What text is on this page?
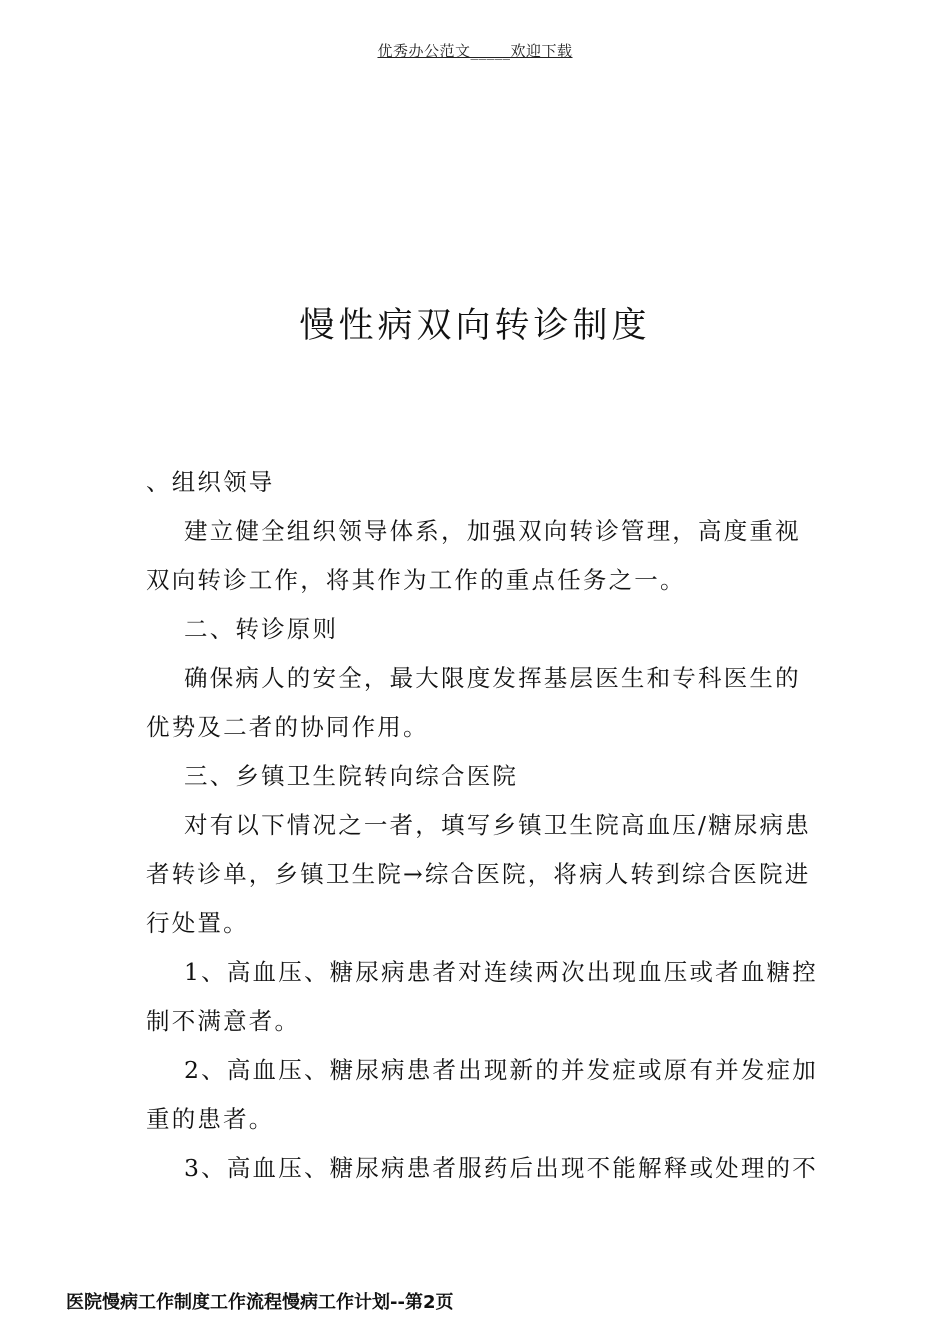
优秀办公范文_____欢迎下载
慢性病双向转诊制度

、组织领导

建立健全组织领导体系，加强双向转诊管理，高度重视双向转诊工作，将其作为工作的重点任务之一。

二、转诊原则

确保病人的安全，最大限度发挥基层医生和专科医生的优势及二者的协同作用。

三、乡镇卫生院转向综合医院

对有以下情况之一者，填写乡镇卫生院高血压/糖尿病患者转诊单，乡镇卫生院→综合医院，将病人转到综合医院进行处置。

1、高血压、糖尿病患者对连续两次出现血压或者血糖控制不满意者。

2、高血压、糖尿病患者出现新的并发症或原有并发症加重的患者。

3、高血压、糖尿病患者服药后出现不能解释或处理的不

医院慢病工作制度工作流程慢病工作计划--第2页
